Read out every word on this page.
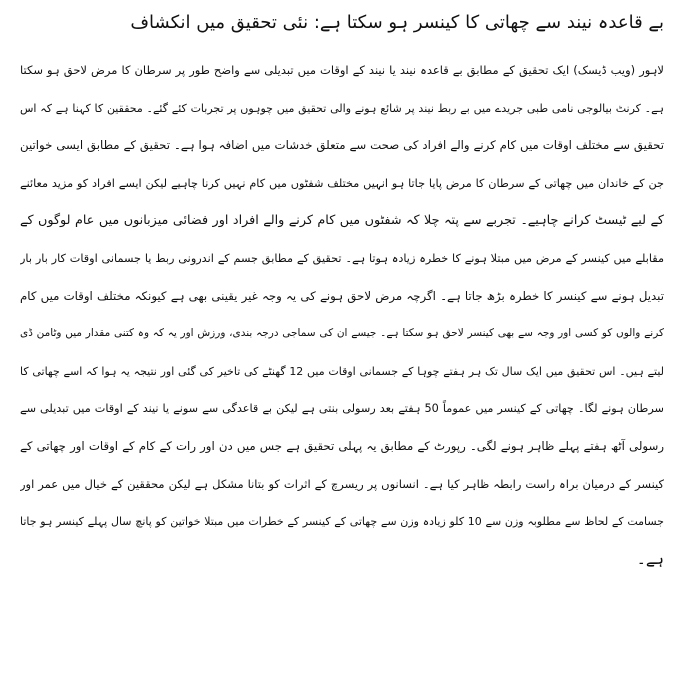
بے قاعدہ نیند سے چھاتی کا کینسر ہو سکتا ہے: نئی تحقیق میں انکشاف
لاہور (ویب ڈیسک) ایک تحقیق کے مطابق بے قاعدہ نیند یا نیند کے اوقات میں تبدیلی سے واضح طور پر سرطان کا مرض لاحق ہو سکتا
ہے۔ کرنٹ بیالوجی نامی طبی جریدے میں بے ربط نیند پر شائع ہونے والی تحقیق میں چوہوں پر تجربات کئے گئے۔ محققین کا کہنا ہے کہ اس
تحقیق سے مختلف اوقات میں کام کرنے والے افراد کی صحت سے متعلق خدشات میں اضافہ ہوا ہے۔ تحقیق کے مطابق ایسی خواتین
جن کے خاندان میں چھاتی کے سرطان کا مرض پایا جاتا ہو انہیں مختلف شفٹوں میں کام نہیں کرنا چاہیے لیکن ایسے افراد کو مزید معائنے
کے لیے ٹیسٹ کرانے چاہیے۔ تجربے سے پتہ چلا کہ شفٹوں میں کام کرنے والے افراد اور فضائی میزبانوں میں عام لوگوں کے
مقابلے میں کینسر کے مرض میں مبتلا ہونے کا خطرہ زیادہ ہوتا ہے۔ تحقیق کے مطابق جسم کے اندرونی ربط یا جسمانی اوقات کار بار بار
تبدیل ہونے سے کینسر کا خطرہ بڑھ جاتا ہے۔ اگرچہ مرض لاحق ہونے کی یہ وجہ غیر یقینی بھی ہے کیونکہ مختلف اوقات میں کام
کرنے والوں کو کسی اور وجہ سے بھی کینسر لاحق ہو سکتا ہے۔ جیسے ان کی سماجی درجہ بندی، ورزش اور یہ کہ وہ کتنی مقدار میں وٹامن ڈی
لیتے ہیں۔ اس تحقیق میں ایک سال تک ہر ہفتے چوہا کے جسمانی اوقات میں 12 گھنٹے کی تاخیر کی گئی اور نتیجہ یہ ہوا کہ اسے چھاتی کا
سرطان ہونے لگا۔ چھاتی کے کینسر میں عموماً 50 ہفتے بعد رسولی بنتی ہے لیکن بے قاعدگی سے سونے یا نیند کے اوقات میں تبدیلی سے
رسولی آٹھ ہفتے پہلے ظاہر ہونے لگی۔ رپورٹ کے مطابق یہ پہلی تحقیق ہے جس میں دن اور رات کے کام کے اوقات اور چھاتی کے
کینسر کے درمیان براہ راست رابطہ ظاہر کیا ہے۔ انسانوں پر ریسرچ کے اثرات کو بتانا مشکل ہے لیکن محققین کے خیال میں عمر اور
جسامت کے لحاظ سے مطلوبہ وزن سے 10 کلو زیادہ وزن سے چھاتی کے کینسر کے خطرات میں مبتلا خواتین کو پانچ سال پہلے کینسر ہو جاتا
ہے۔
